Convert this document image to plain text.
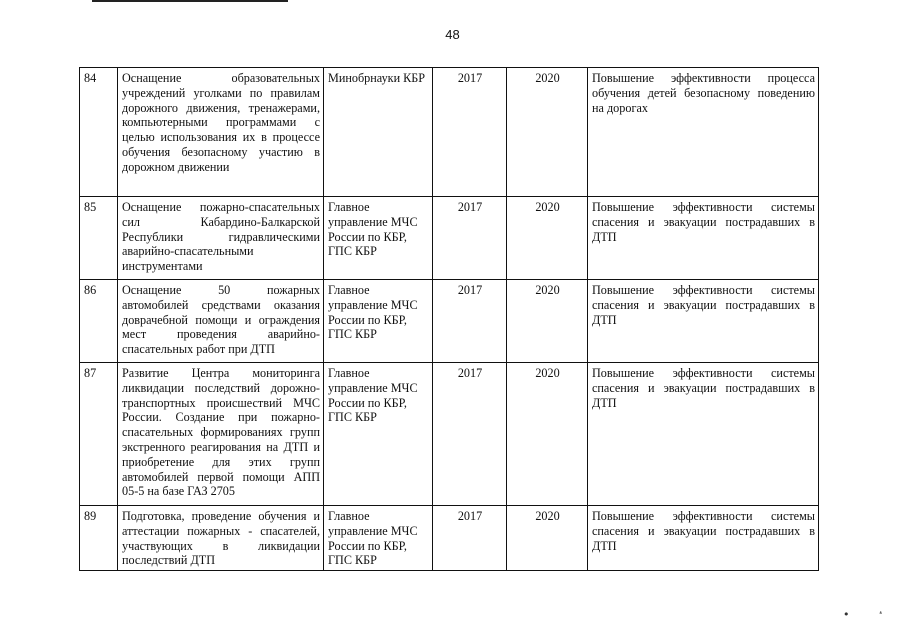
48
84	Оснащение образовательных учреждений уголками по правилам дорожного движения, тренажерами, компьютерными программами с целью использования их в процессе обучения безопасному участию в дорожном движении	Минобрнауки КБР	2017	2020	Повышение эффективности процесса обучения детей безопасному поведению на дорогах
85	Оснащение пожарно-спасательных сил Кабардино-Балкарской Республики гидравлическими аварийно-спасательными инструментами	Главное управление МЧС России по КБР, ГПС КБР	2017	2020	Повышение эффективности системы спасения и эвакуации пострадавших в ДТП
86	Оснащение 50 пожарных автомобилей средствами оказания доврачебной помощи и ограждения мест проведения аварийно-спасательных работ при ДТП	Главное управление МЧС России по КБР, ГПС КБР	2017	2020	Повышение эффективности системы спасения и эвакуации пострадавших в ДТП
87	Развитие Центра мониторинга ликвидации последствий дорожно-транспортных происшествий МЧС России. Создание при пожарно-спасательных формированиях групп экстренного реагирования на ДТП и приобретение для этих групп автомобилей первой помощи АПП 05-5 на базе ГАЗ 2705	Главное управление МЧС России по КБР, ГПС КБР	2017	2020	Повышение эффективности системы спасения и эвакуации пострадавших в ДТП
89	Подготовка, проведение обучения и аттестации пожарных - спасателей, участвующих в ликвидации последствий ДТП	Главное управление МЧС России по КБР, ГПС КБР	2017	2020	Повышение эффективности системы спасения и эвакуации пострадавших в ДТП
•	˔
